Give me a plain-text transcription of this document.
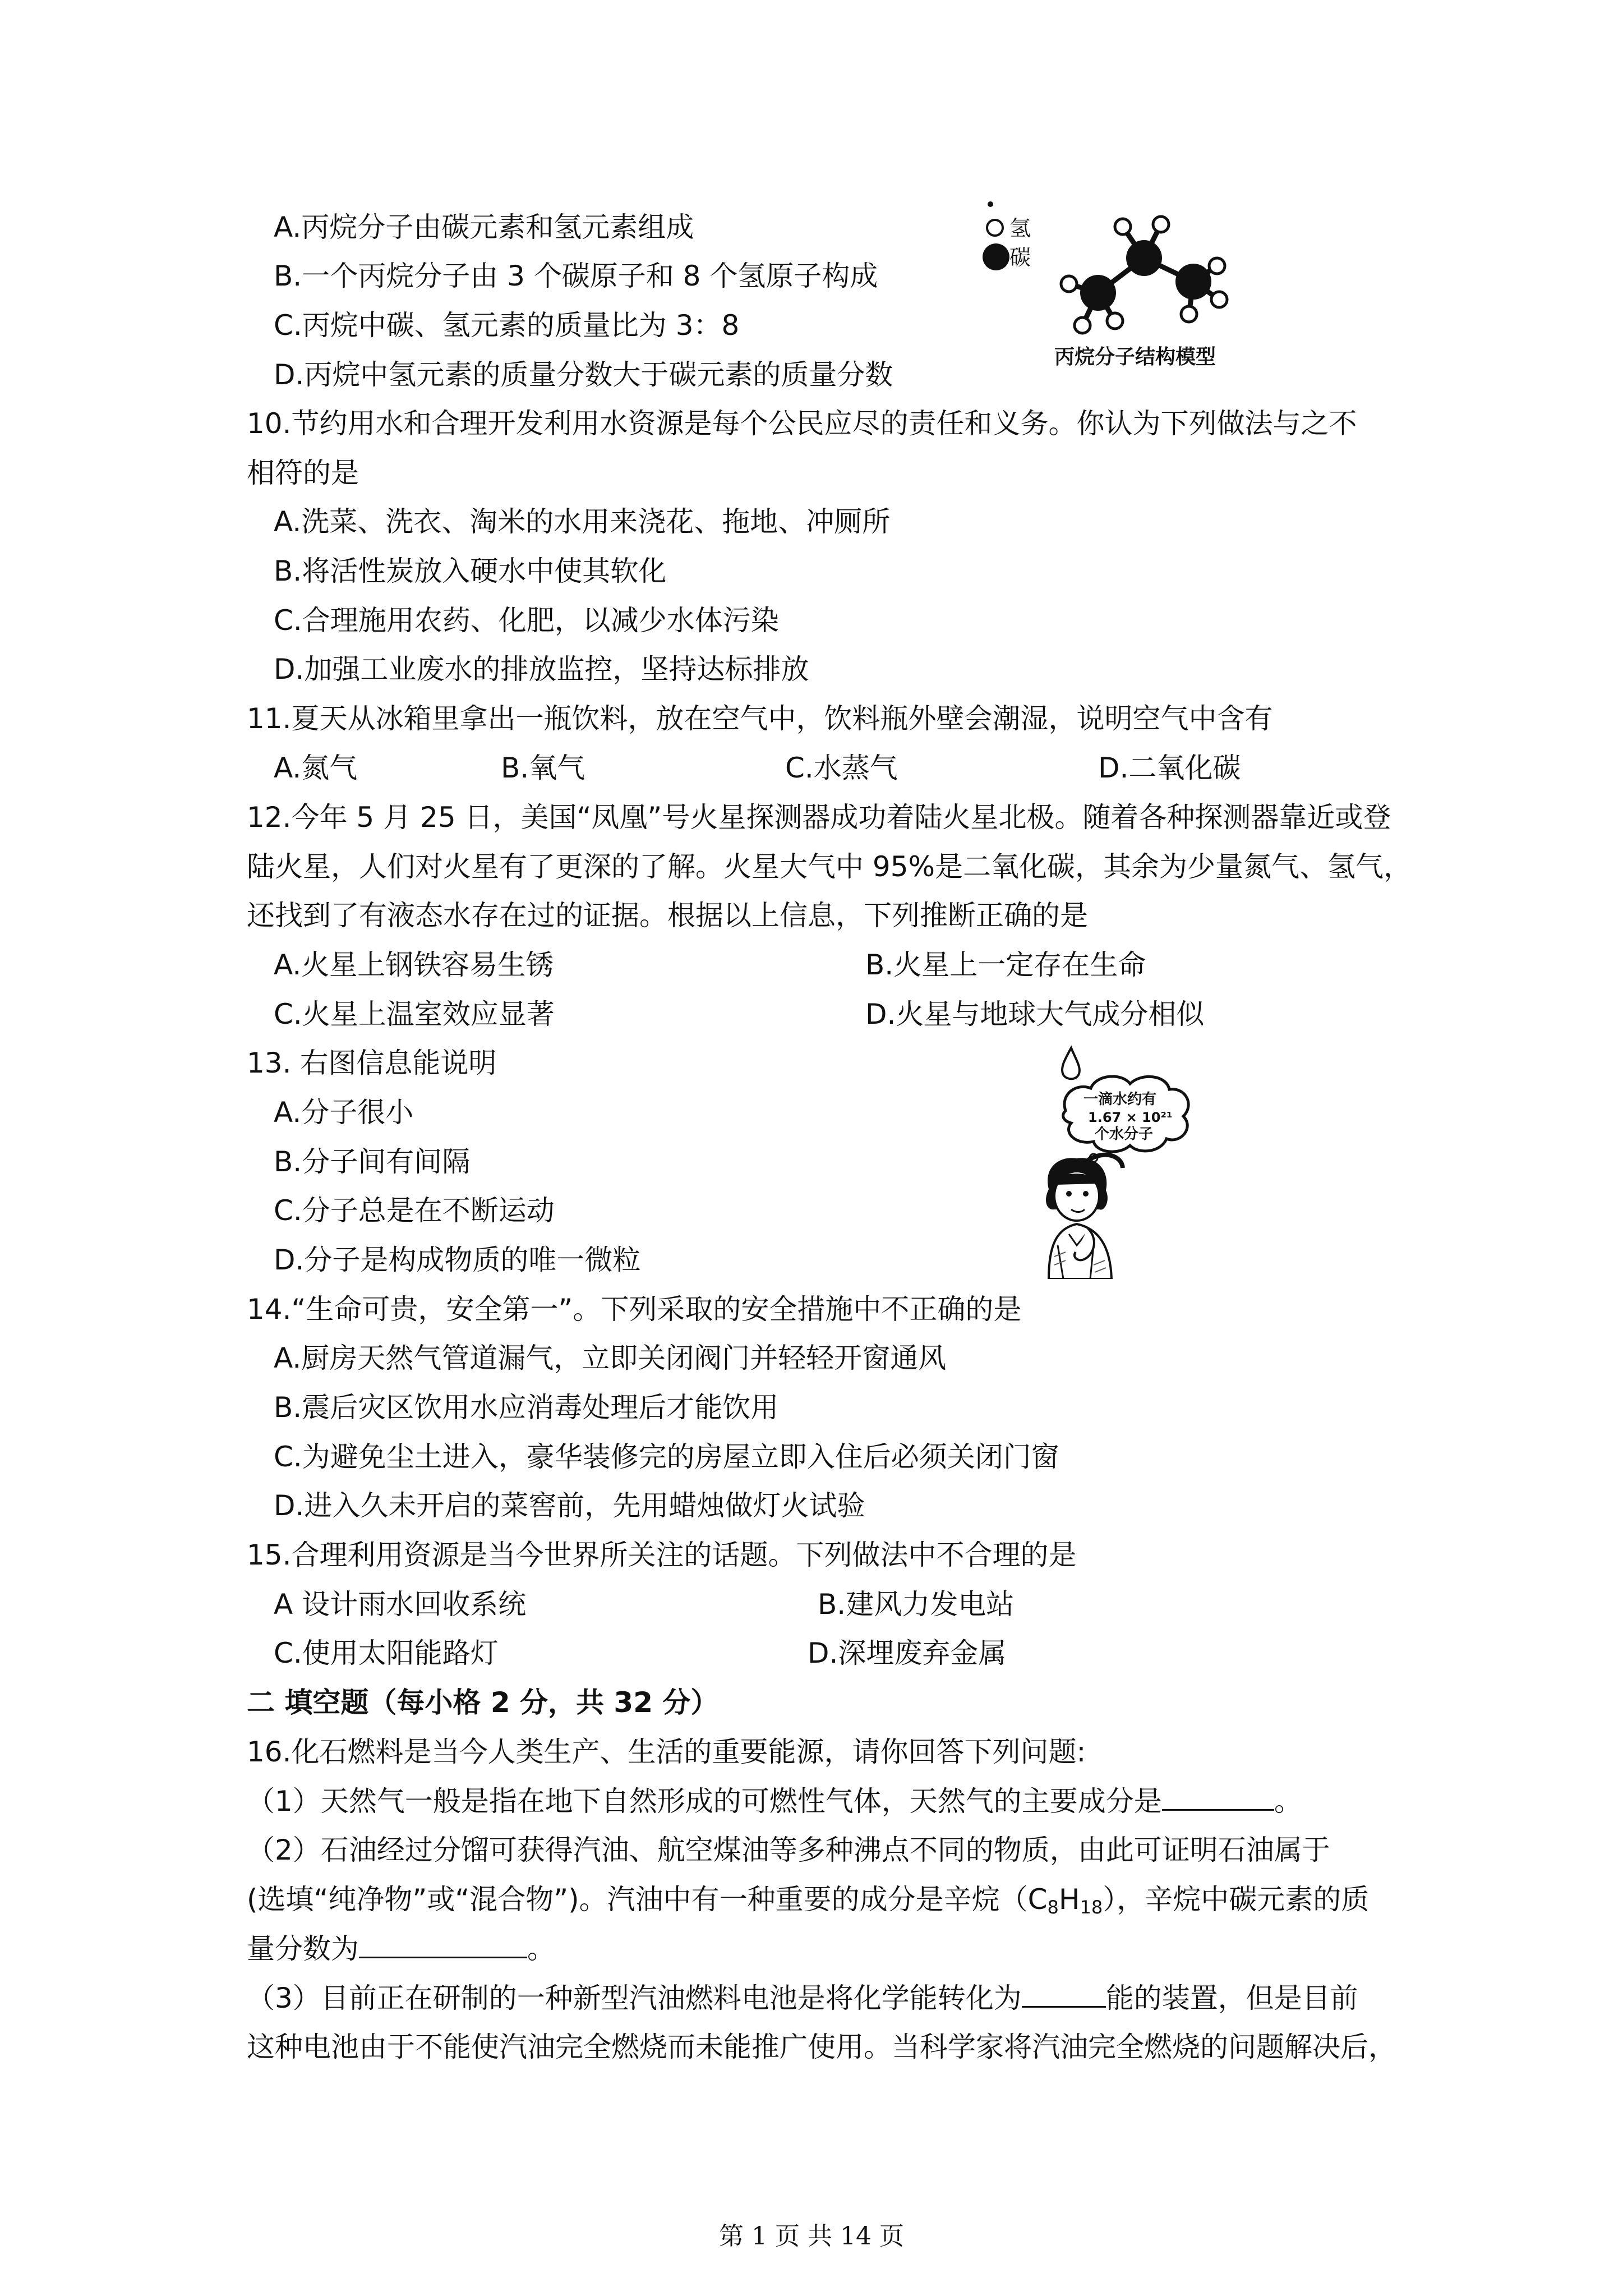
A.丙烷分子由碳元素和氢元素组成
B.一个丙烷分子由 3 个碳原子和 8 个氢原子构成
C.丙烷中碳、氢元素的质量比为 3：8
D.丙烷中氢元素的质量分数大于碳元素的质量分数
氢
碳
丙烷分子结构模型
10.节约用水和合理开发利用水资源是每个公民应尽的责任和义务。你认为下列做法与之不
相符的是
A.洗菜、洗衣、淘米的水用来浇花、拖地、冲厕所
B.将活性炭放入硬水中使其软化
C.合理施用农药、化肥，以减少水体污染
D.加强工业废水的排放监控，坚持达标排放
11.夏天从冰箱里拿出一瓶饮料，放在空气中，饮料瓶外壁会潮湿，说明空气中含有
A.氮气	B.氧气	C.水蒸气	D.二氧化碳
12.今年 5 月 25 日，美国“凤凰”号火星探测器成功着陆火星北极。随着各种探测器靠近或登
陆火星，人们对火星有了更深的了解。火星大气中 95%是二氧化碳，其余为少量氮气、氢气，
还找到了有液态水存在过的证据。根据以上信息，下列推断正确的是
A.火星上钢铁容易生锈	B.火星上一定存在生命
C.火星上温室效应显著	D.火星与地球大气成分相似
13. 右图信息能说明
A.分子很小
B.分子间有间隔
C.分子总是在不断运动
D.分子是构成物质的唯一微粒
一滴水约有
1.67 × 10²¹
个水分子
14.“生命可贵，安全第一”。下列采取的安全措施中不正确的是
A.厨房天然气管道漏气，立即关闭阀门并轻轻开窗通风
B.震后灾区饮用水应消毒处理后才能饮用
C.为避免尘土进入，豪华装修完的房屋立即入住后必须关闭门窗
D.进入久未开启的菜窖前，先用蜡烛做灯火试验
15.合理利用资源是当今世界所关注的话题。下列做法中不合理的是
A 设计雨水回收系统	B.建风力发电站
C.使用太阳能路灯	D.深埋废弃金属
二 填空题（每小格 2 分，共 32 分）
16.化石燃料是当今人类生产、生活的重要能源，请你回答下列问题:
（1）天然气一般是指在地下自然形成的可燃性气体，天然气的主要成分是	。
（2）石油经过分馏可获得汽油、航空煤油等多种沸点不同的物质，由此可证明石油属于
(选填“纯净物”或“混合物”)。汽油中有一种重要的成分是辛烷$(C_8H_{18})$，辛烷中碳元素的质
量分数为	。
（3）目前正在研制的一种新型汽油燃料电池是将化学能转化为	能的装置，但是目前
这种电池由于不能使汽油完全燃烧而未能推广使用。当科学家将汽油完全燃烧的问题解决后，
第 1 页 共 14 页
